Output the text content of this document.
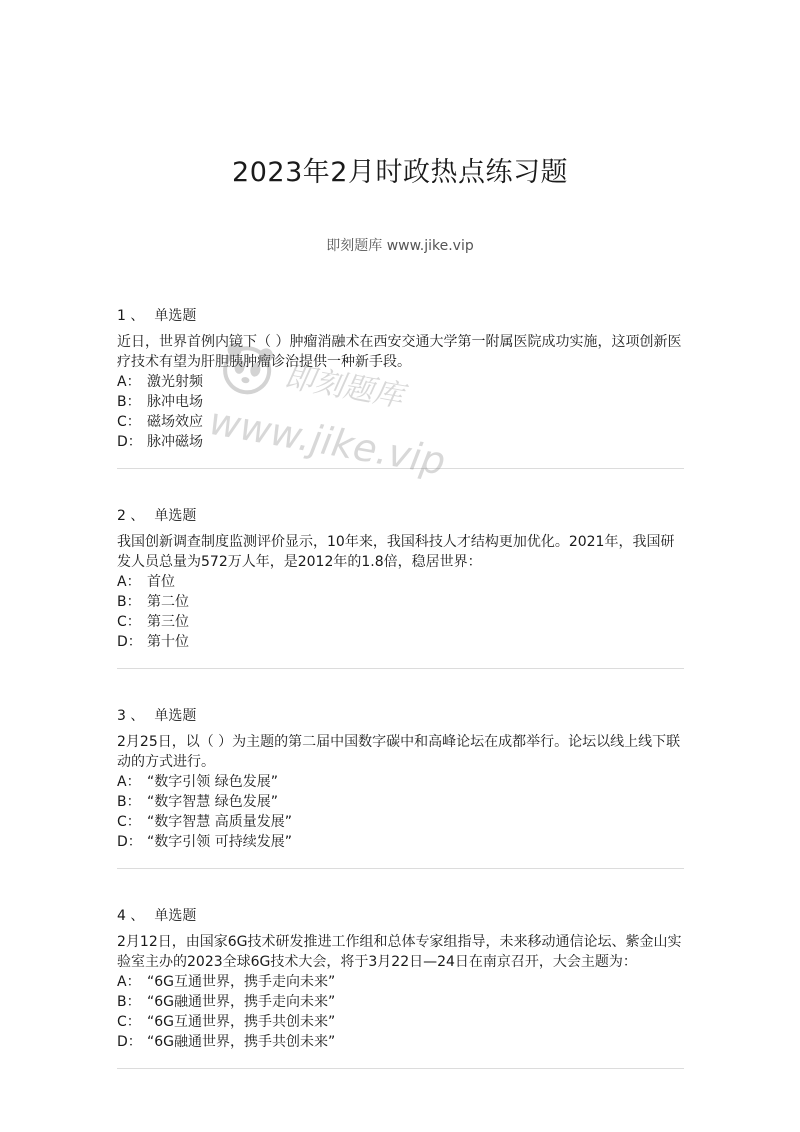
2023年2月时政热点练习题
即刻题库 www.jike.vip
1 、 单选题
近日，世界首例内镜下（ ）肿瘤消融术在西安交通大学第一附属医院成功实施，这项创新医疗技术有望为肝胆胰肿瘤诊治提供一种新手段。
A： 激光射频
B： 脉冲电场
C： 磁场效应
D： 脉冲磁场
2 、 单选题
我国创新调查制度监测评价显示，10年来，我国科技人才结构更加优化。2021年，我国研发人员总量为572万人年，是2012年的1.8倍，稳居世界：
A： 首位
B： 第二位
C： 第三位
D： 第十位
3 、 单选题
2月25日，以（ ）为主题的第二届中国数字碳中和高峰论坛在成都举行。论坛以线上线下联动的方式进行。
A： “数字引领 绿色发展”
B： “数字智慧 绿色发展”
C： “数字智慧 高质量发展”
D： “数字引领 可持续发展”
4 、 单选题
2月12日，由国家6G技术研发推进工作组和总体专家组指导，未来移动通信论坛、紫金山实验室主办的2023全球6G技术大会，将于3月22日—24日在南京召开，大会主题为：
A： “6G互通世界，携手走向未来”
B： “6G融通世界，携手走向未来”
C： “6G互通世界，携手共创未来”
D： “6G融通世界，携手共创未来”
即刻题库
www.jike.vip
